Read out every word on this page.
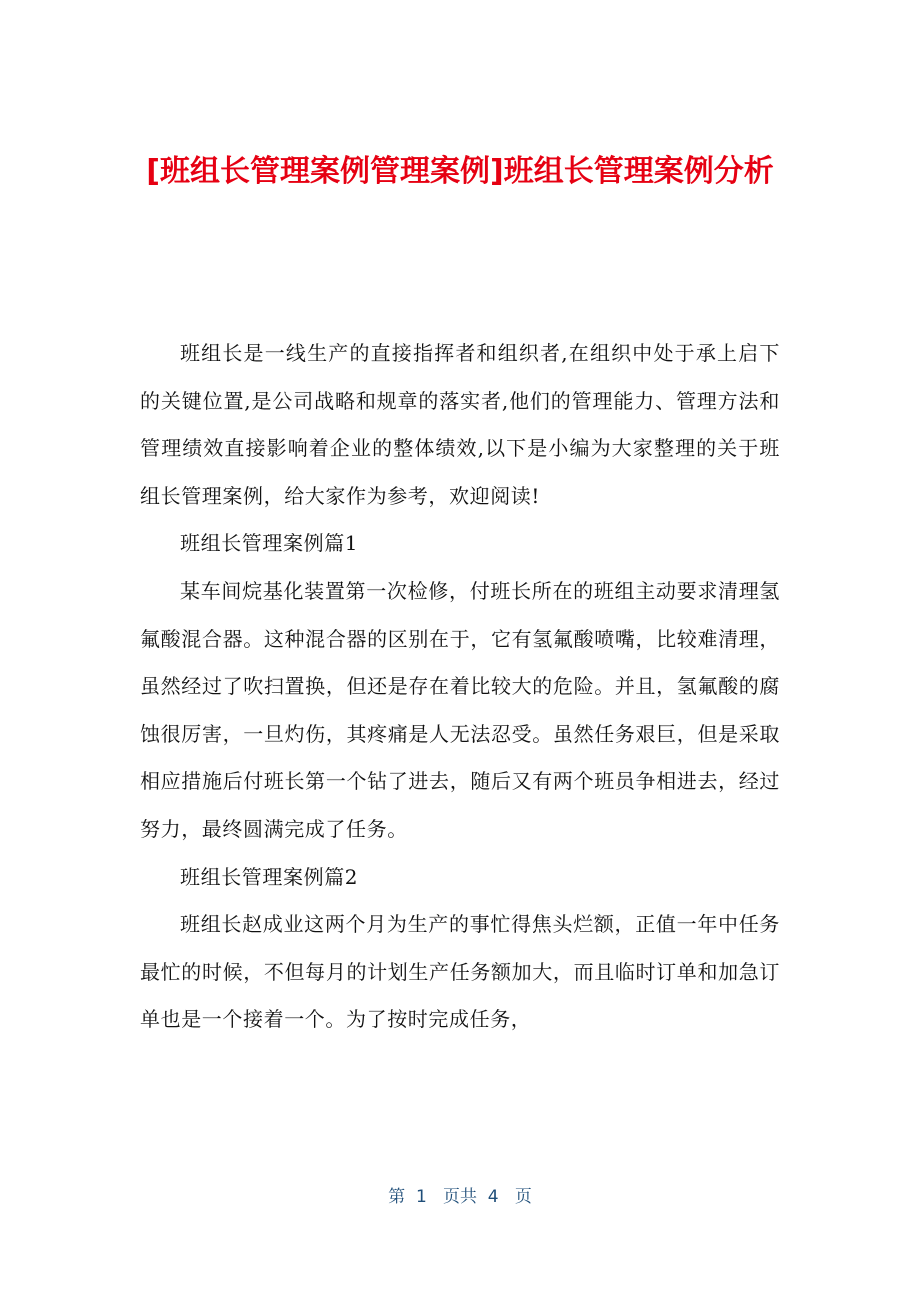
[班组长管理案例管理案例]班组长管理案例分析

班组长是一线生产的直接指挥者和组织者,在组织中处于承上启下的关键位置,是公司战略和规章的落实者,他们的管理能力、管理方法和管理绩效直接影响着企业的整体绩效,以下是小编为大家整理的关于班组长管理案例，给大家作为参考，欢迎阅读!

班组长管理案例篇1

某车间烷基化装置第一次检修，付班长所在的班组主动要求清理氢氟酸混合器。这种混合器的区别在于，它有氢氟酸喷嘴，比较难清理，虽然经过了吹扫置换，但还是存在着比较大的危险。并且，氢氟酸的腐蚀很厉害，一旦灼伤，其疼痛是人无法忍受。虽然任务艰巨，但是采取相应措施后付班长第一个钻了进去，随后又有两个班员争相进去，经过努力，最终圆满完成了任务。

班组长管理案例篇2

班组长赵成业这两个月为生产的事忙得焦头烂额，正值一年中任务最忙的时候，不但每月的计划生产任务额加大，而且临时订单和加急订单也是一个接着一个。为了按时完成任务，

第  1   页共  4   页
